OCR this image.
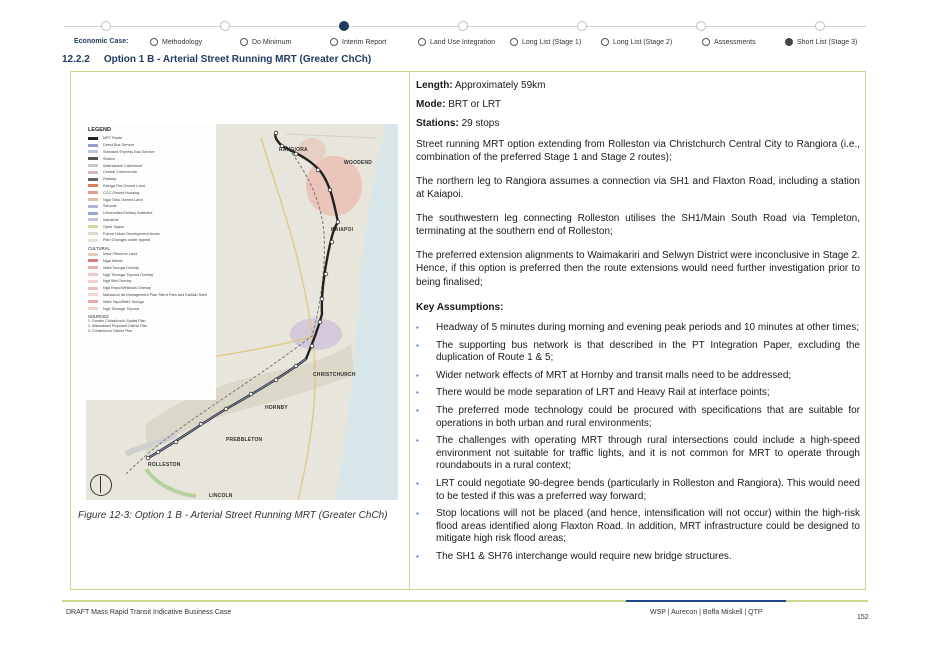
Economic Case:	Methodology	Do Minimum	Interim Report	Land Use Integration	Long List (Stage 1)	Long List (Stage 2)	Assessments	Short List (Stage 3)
12.2.2 Option 1 B - Arterial Street Running MRT (Greater ChCh)
LEGEND
MRT Route
Direct Bus Service
Standard Express Bus Service
Station
Waimakariri Catchment
Central Commercial
Railway
Kainga Ora Owned Land
CCC Owned Housing
Ngai Tahu Owned Land
Schools
Universities/Tertiary Institutes
Industrial
Open Space
Future Urban Development Areas
Plan Changes under appeal
CULTURAL
Maori Reserve Land
Ngai Marae
Wahi Taonga Overlay
Ngā Tūranga Tūpuna Overlay
Ngā Wai Overlay
Ngā Repo/Wetlands Overlay
Mahaanui Iwi Management Plan Silent Files and Kaitiaki Sites
Wahi Tapu/Wahi Taonga
Ngā Tūranga Tūpuna
SOURCES
1. Greater Christchurch Spatial Plan
2. Waimakariri Proposed District Plan
3. Christchurch District Plan
RANGIORA
WOODEND
KAIAPOI
CHRISTCHURCH
HORNBY
PREBBLETON
ROLLESTON
LINCOLN
Figure 12-3: Option 1 B - Arterial Street Running MRT (Greater ChCh)
Length: Approximately 59km
Mode: BRT or LRT
Stations: 29 stops
Street running MRT option extending from Rolleston via Christchurch Central City to Rangiora (i.e., combination of the preferred Stage 1 and Stage 2 routes);
The northern leg to Rangiora assumes a connection via SH1 and Flaxton Road, including a station at Kaiapoi.
The southwestern leg connecting Rolleston utilises the SH1/Main South Road via Templeton, terminating at the southern end of Rolleston;
The preferred extension alignments to Waimakariri and Selwyn District were inconclusive in Stage 2. Hence, if this option is preferred then the route extensions would need further investigation prior to being finalised;
Key Assumptions:
▪ Headway of 5 minutes during morning and evening peak periods and 10 minutes at other times;
▪ The supporting bus network is that described in the PT Integration Paper, excluding the duplication of Route 1 & 5;
▪ Wider network effects of MRT at Hornby and transit malls need to be addressed;
▪ There would be mode separation of LRT and Heavy Rail at interface points;
▪ The preferred mode technology could be procured with specifications that are suitable for operations in both urban and rural environments;
▪ The challenges with operating MRT through rural intersections could include a high-speed environment not suitable for traffic lights, and it is not common for MRT to operate through roundabouts in a rural context;
▪ LRT could negotiate 90-degree bends (particularly in Rolleston and Rangiora). This would need to be tested if this was a preferred way forward;
▪ Stop locations will not be placed (and hence, intensification will not occur) within the high-risk flood areas identified along Flaxton Road. In addition, MRT infrastructure could be designed to mitigate high risk flood areas;
▪ The SH1 & SH76 interchange would require new bridge structures.
DRAFT Mass Rapid Transit Indicative Business Case	WSP | Aurecon | Boffa Miskell | QTP
152
